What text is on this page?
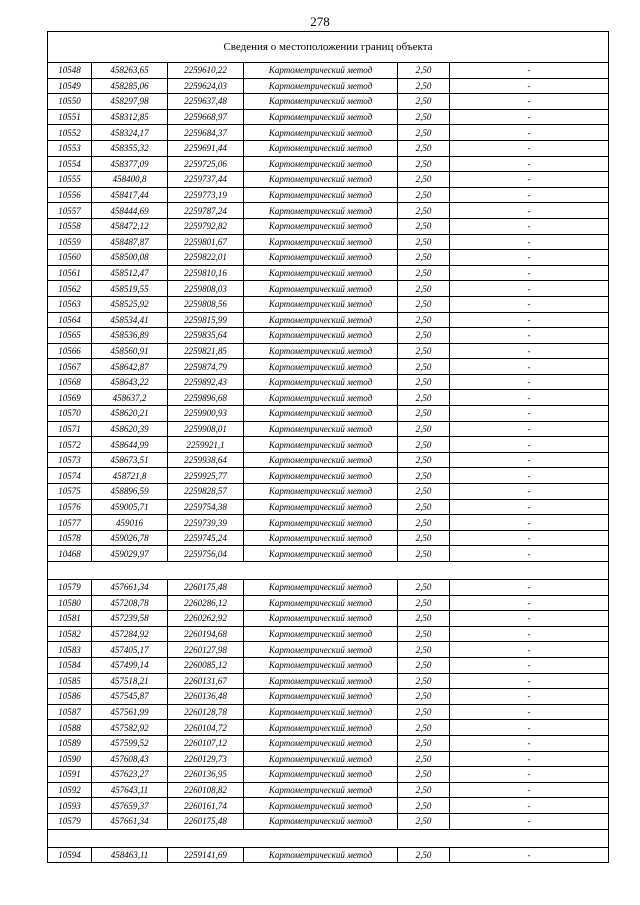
278
Сведения о местоположении границ объекта					
10548	458263,65	2259610,22	Картометрический метод	2,50	-
10549	458285,06	2259624,03	Картометрический метод	2,50	-
10550	458297,98	2259637,48	Картометрический метод	2,50	-
10551	458312,85	2259668,97	Картометрический метод	2,50	-
10552	458324,17	2259684,37	Картометрический метод	2,50	-
10553	458355,32	2259691,44	Картометрический метод	2,50	-
10554	458377,09	2259725,06	Картометрический метод	2,50	-
10555	458400,8	2259737,44	Картометрический метод	2,50	-
10556	458417,44	2259773,19	Картометрический метод	2,50	-
10557	458444,69	2259787,24	Картометрический метод	2,50	-
10558	458472,12	2259792,82	Картометрический метод	2,50	-
10559	458487,87	2259801,67	Картометрический метод	2,50	-
10560	458500,08	2259822,01	Картометрический метод	2,50	-
10561	458512,47	2259810,16	Картометрический метод	2,50	-
10562	458519,55	2259808,03	Картометрический метод	2,50	-
10563	458525,92	2259808,56	Картометрический метод	2,50	-
10564	458534,41	2259815,99	Картометрический метод	2,50	-
10565	458536,89	2259835,64	Картометрический метод	2,50	-
10566	458560,91	2259821,85	Картометрический метод	2,50	-
10567	458642,87	2259874,79	Картометрический метод	2,50	-
10568	458643,22	2259892,43	Картометрический метод	2,50	-
10569	458637,2	2259896,68	Картометрический метод	2,50	-
10570	458620,21	2259900,93	Картометрический метод	2,50	-
10571	458620,39	2259908,01	Картометрический метод	2,50	-
10572	458644,99	2259921,1	Картометрический метод	2,50	-
10573	458673,51	2259938,64	Картометрический метод	2,50	-
10574	458721,8	2259925,77	Картометрический метод	2,50	-
10575	458896,59	2259828,57	Картометрический метод	2,50	-
10576	459005,71	2259754,38	Картометрический метод	2,50	-
10577	459016	2259739,39	Картометрический метод	2,50	-
10578	459026,78	2259745,24	Картометрический метод	2,50	-
10468	459029,97	2259756,04	Картометрический метод	2,50	-

10579	457661,34	2260175,48	Картометрический метод	2,50	-
10580	457208,78	2260286,12	Картометрический метод	2,50	-
10581	457239,58	2260262,92	Картометрический метод	2,50	-
10582	457284,92	2260194,68	Картометрический метод	2,50	-
10583	457405,17	2260127,98	Картометрический метод	2,50	-
10584	457499,14	2260085,12	Картометрический метод	2,50	-
10585	457518,21	2260131,67	Картометрический метод	2,50	-
10586	457545,87	2260136,48	Картометрический метод	2,50	-
10587	457561,99	2260128,78	Картометрический метод	2,50	-
10588	457582,92	2260104,72	Картометрический метод	2,50	-
10589	457599,52	2260107,12	Картометрический метод	2,50	-
10590	457608,43	2260129,73	Картометрический метод	2,50	-
10591	457623,27	2260136,95	Картометрический метод	2,50	-
10592	457643,11	2260108,82	Картометрический метод	2,50	-
10593	457659,37	2260161,74	Картометрический метод	2,50	-
10579	457661,34	2260175,48	Картометрический метод	2,50	-

10594	458463,11	2259141,69	Картометрический метод	2,50	-
